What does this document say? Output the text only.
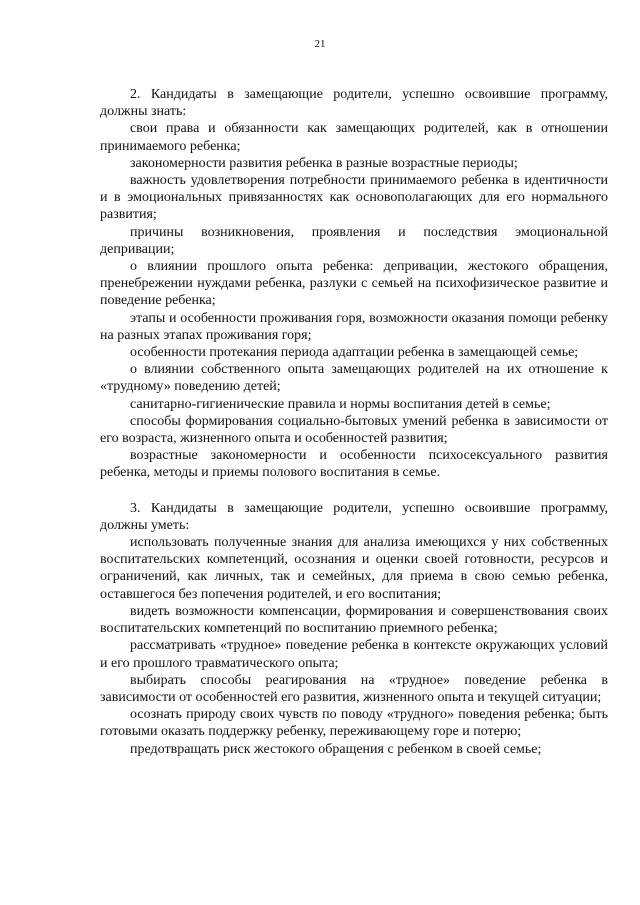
21

2. Кандидаты в замещающие родители, успешно освоившие программу, должны знать:

свои права и обязанности как замещающих родителей, как в отношении принимаемого ребенка;

закономерности развития ребенка в разные возрастные периоды;

важность удовлетворения потребности принимаемого ребенка в идентичности и в эмоциональных привязанностях как основополагающих для его нормального развития;

причины возникновения, проявления и последствия эмоциональной депривации;

о влиянии прошлого опыта ребенка: депривации, жестокого обращения, пренебрежении нуждами ребенка, разлуки с семьей на психофизическое развитие и поведение ребенка;

этапы и особенности проживания горя, возможности оказания помощи ребенку на разных этапах проживания горя;

особенности протекания периода адаптации ребенка в замещающей семье;

о влиянии собственного опыта замещающих родителей на их отношение к «трудному» поведению детей;

санитарно-гигиенические правила и нормы воспитания детей в семье;

способы формирования социально-бытовых умений ребенка в зависимости от его возраста, жизненного опыта и особенностей развития;

возрастные закономерности и особенности психосексуального развития ребенка, методы и приемы полового воспитания в семье.

3. Кандидаты в замещающие родители, успешно освоившие программу, должны уметь:

использовать полученные знания для анализа имеющихся у них собственных воспитательских компетенций, осознания и оценки своей готовности, ресурсов и ограничений, как личных, так и семейных, для приема в свою семью ребенка, оставшегося без попечения родителей, и его воспитания;

видеть возможности компенсации, формирования и совершенствования своих воспитательских компетенций по воспитанию приемного ребенка;

рассматривать «трудное» поведение ребенка в контексте окружающих условий и его прошлого травматического опыта;

выбирать способы реагирования на «трудное» поведение ребенка в зависимости от особенностей его развития, жизненного опыта и текущей ситуации;

осознать природу своих чувств по поводу «трудного» поведения ребенка; быть готовыми оказать поддержку ребенку, переживающему горе и потерю;

предотвращать риск жестокого обращения с ребенком в своей семье;
